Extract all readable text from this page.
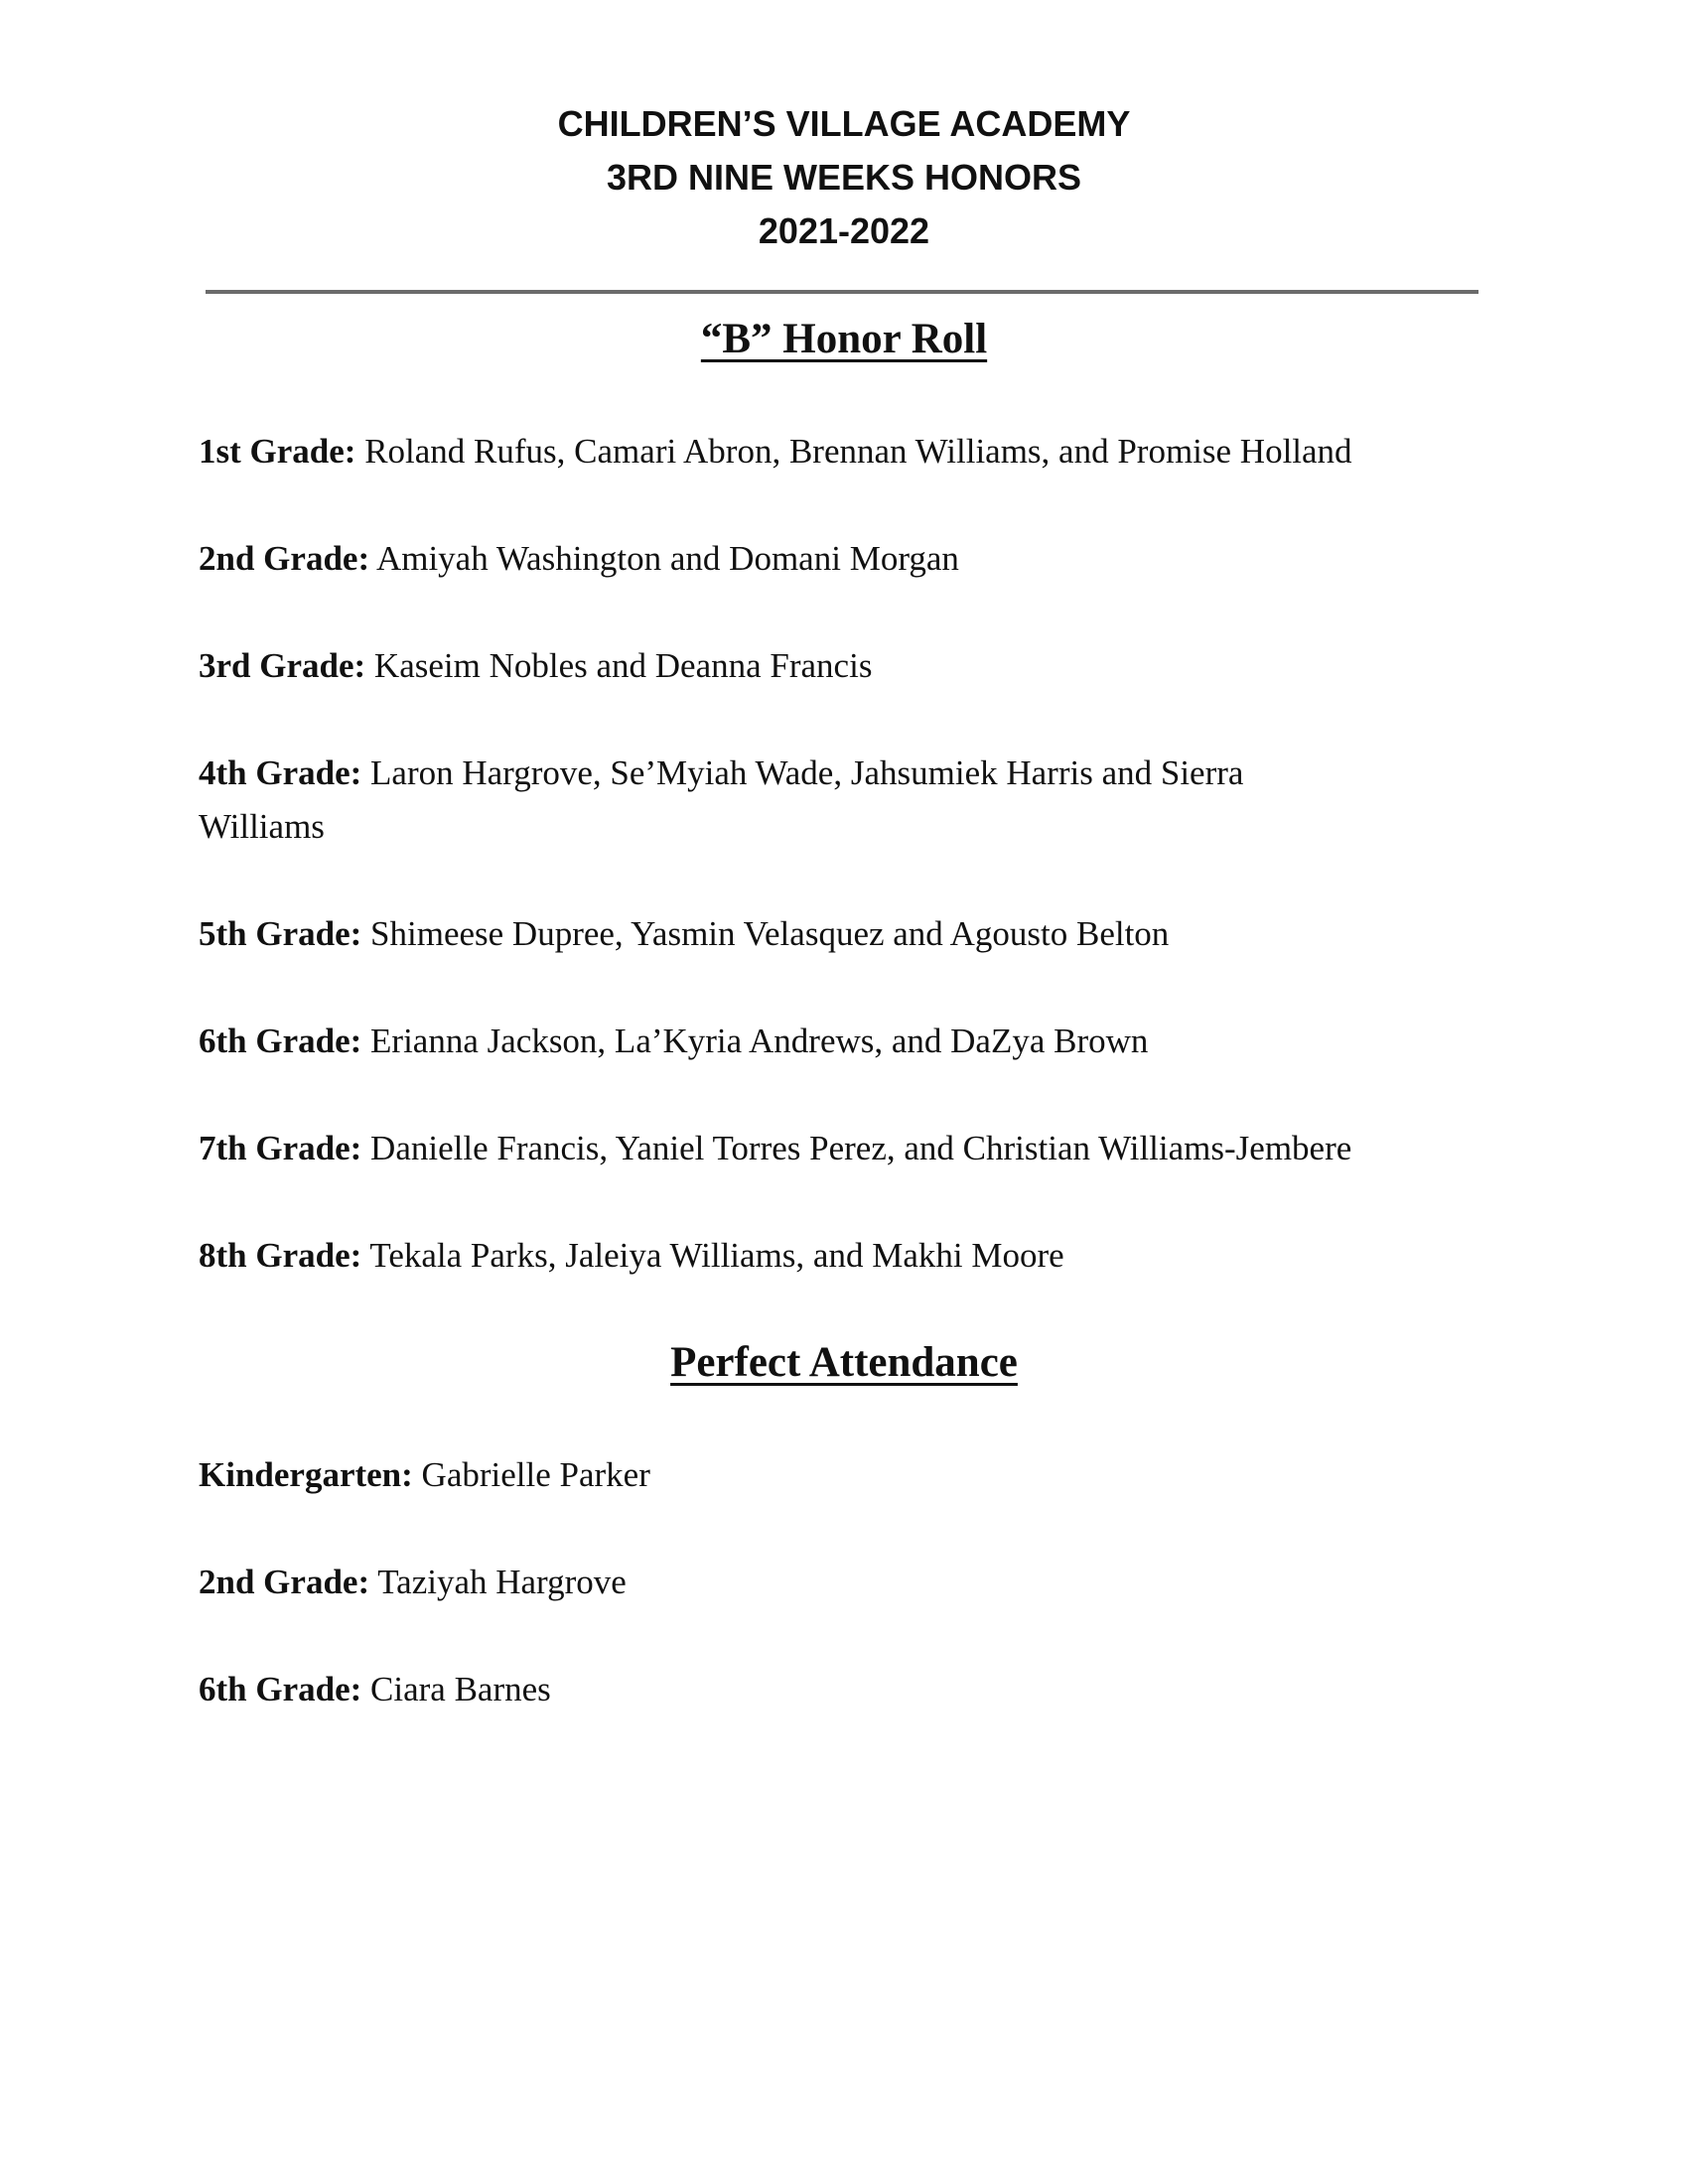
CHILDREN’S VILLAGE ACADEMY
3RD NINE WEEKS HONORS
2021-2022
“B” Honor Roll
1st Grade: Roland Rufus, Camari Abron, Brennan Williams, and Promise Holland
2nd Grade: Amiyah Washington and Domani Morgan
3rd Grade: Kaseim Nobles and Deanna Francis
4th Grade: Laron Hargrove, Se’Myiah Wade, Jahsumiek Harris and Sierra Williams
5th Grade: Shimeese Dupree, Yasmin Velasquez and Agousto Belton
6th Grade: Erianna Jackson, La’Kyria Andrews, and DaZya Brown
7th Grade: Danielle Francis, Yaniel Torres Perez, and Christian Williams-Jembere
8th Grade: Tekala Parks, Jaleiya Williams, and Makhi Moore
Perfect Attendance
Kindergarten: Gabrielle Parker
2nd Grade: Taziyah Hargrove
6th Grade: Ciara Barnes
